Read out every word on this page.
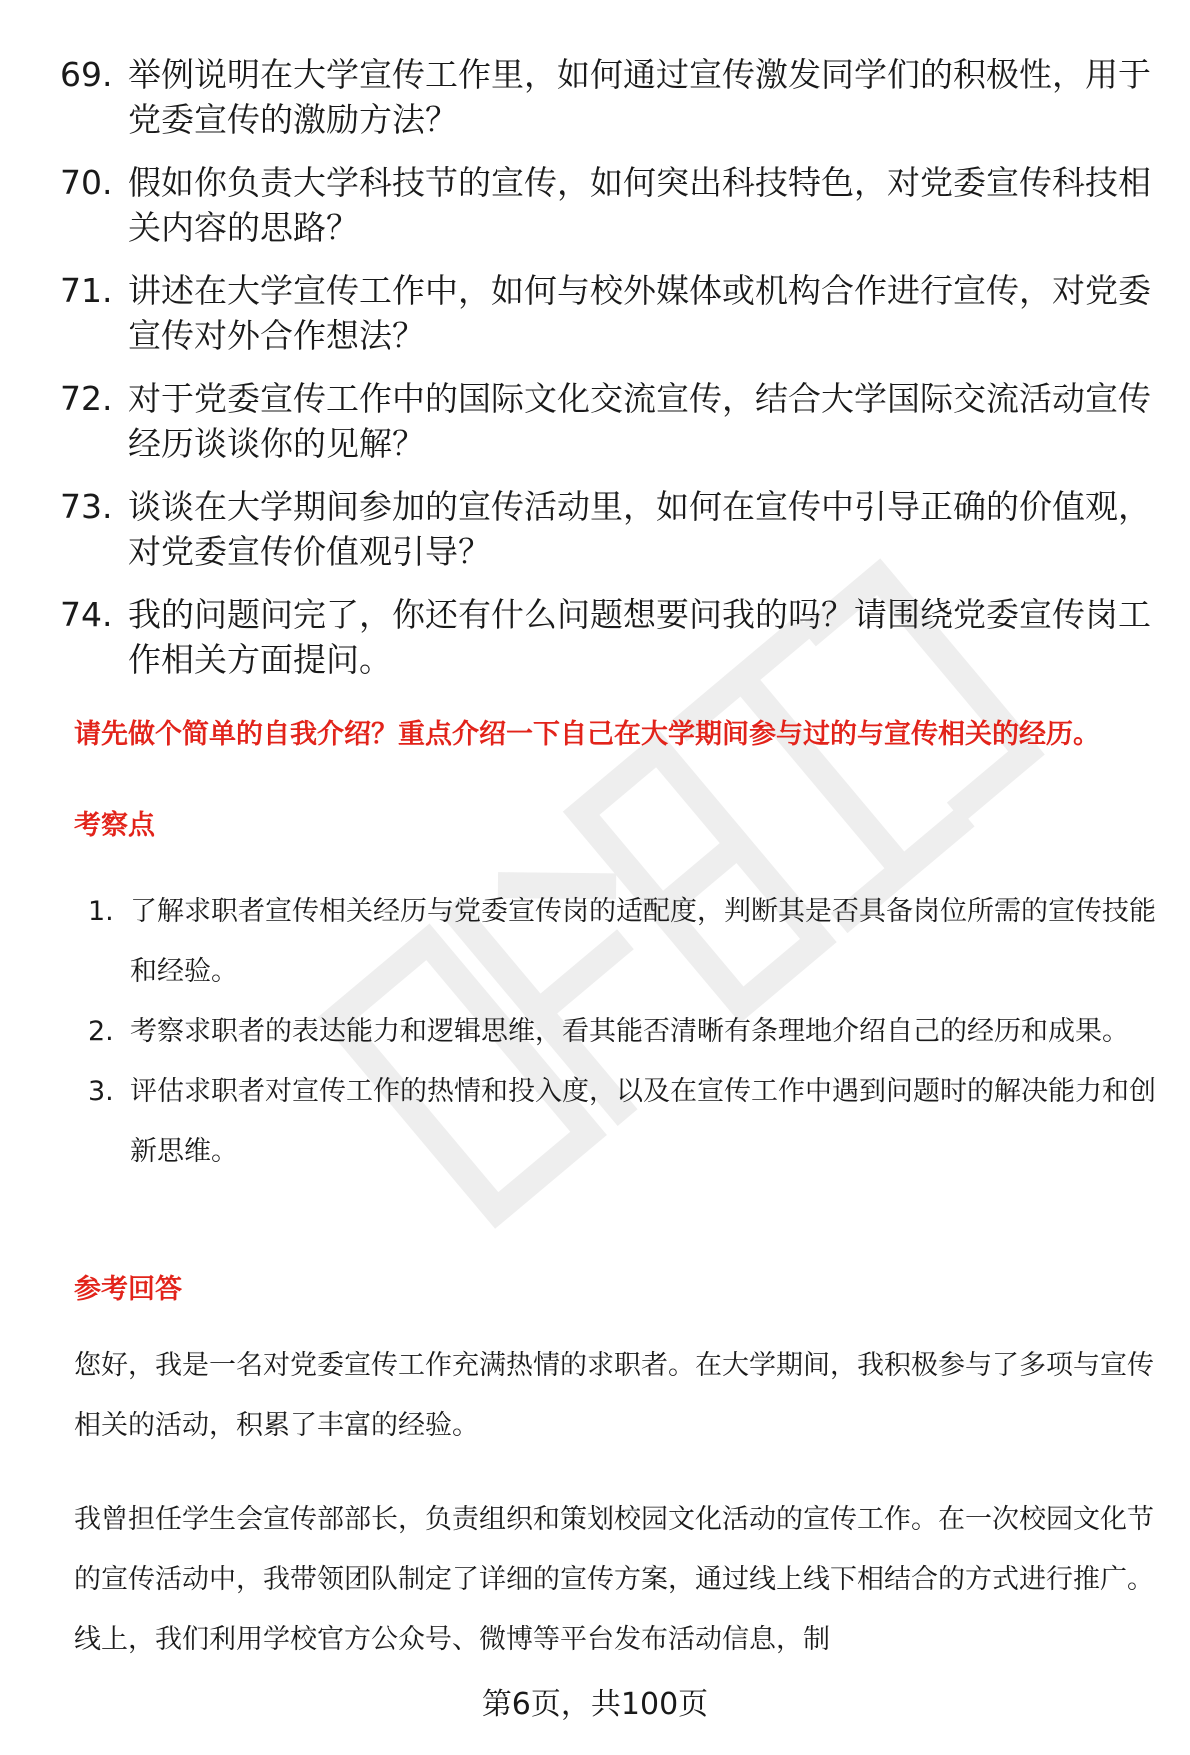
69. 举例说明在大学宣传工作里，如何通过宣传激发同学们的积极性，用于党委宣传的激励方法？
70. 假如你负责大学科技节的宣传，如何突出科技特色，对党委宣传科技相关内容的思路？
71. 讲述在大学宣传工作中，如何与校外媒体或机构合作进行宣传，对党委宣传对外合作想法？
72. 对于党委宣传工作中的国际文化交流宣传，结合大学国际交流活动宣传经历谈谈你的见解？
73. 谈谈在大学期间参加的宣传活动里，如何在宣传中引导正确的价值观，对党委宣传价值观引导？
74. 我的问题问完了，你还有什么问题想要问我的吗？请围绕党委宣传岗工作相关方面提问。
请先做个简单的自我介绍？重点介绍一下自己在大学期间参与过的与宣传相关的经历。
考察点
1. 了解求职者宣传相关经历与党委宣传岗的适配度，判断其是否具备岗位所需的宣传技能和经验。
2. 考察求职者的表达能力和逻辑思维，看其能否清晰有条理地介绍自己的经历和成果。
3. 评估求职者对宣传工作的热情和投入度，以及在宣传工作中遇到问题时的解决能力和创新思维。
参考回答
您好，我是一名对党委宣传工作充满热情的求职者。在大学期间，我积极参与了多项与宣传相关的活动，积累了丰富的经验。
我曾担任学生会宣传部部长，负责组织和策划校园文化活动的宣传工作。在一次校园文化节的宣传活动中，我带领团队制定了详细的宣传方案，通过线上线下相结合的方式进行推广。线上，我们利用学校官方公众号、微博等平台发布活动信息，制
第6页，共100页
